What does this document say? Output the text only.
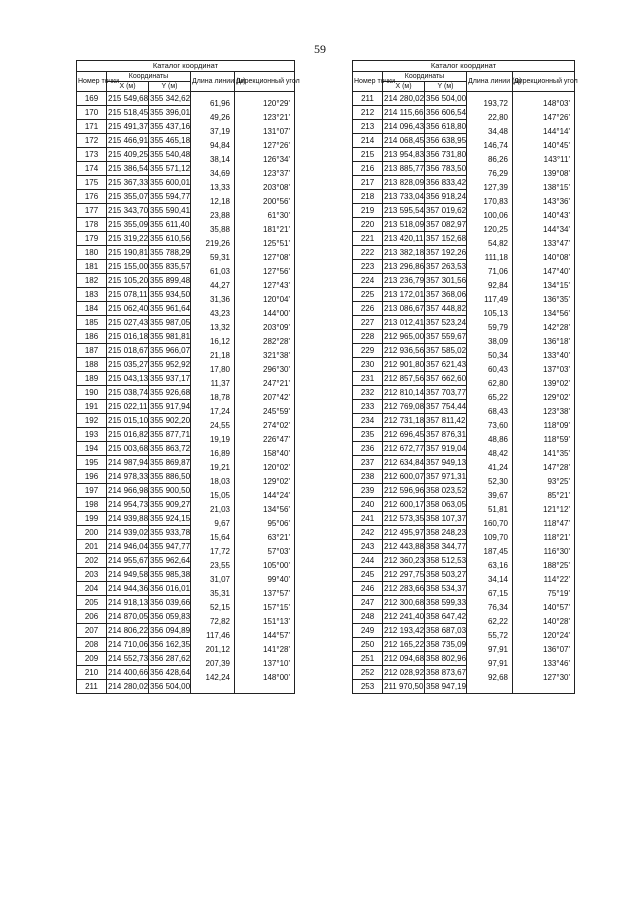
59
Каталог координат				
Номер точки	Координаты		Длина линии (м)	Дирекционный угол
	X (м)	Y (м)		
169	215 549,68	355 342,62	61,96	120°29'
170	215 518,45	355 396,01	49,26	123°21'
171	215 491,37	355 437,16	37,19	131°07'
172	215 466,91	355 465,18	94,84	127°26'
173	215 409,25	355 540,48	38,14	126°34'
174	215 386,54	355 571,12	34,69	123°37'
175	215 367,33	355 600,01	13,33	203°08'
176	215 355,07	355 594,77	12,18	200°56'
177	215 343,70	355 590,41	23,88	61°30'
178	215 355,09	355 611,40	35,88	181°21'
179	215 319,22	355 610,56	219,26	125°51'
180	215 190,81	355 788,29	59,31	127°08'
181	215 155,00	355 835,57	61,03	127°56'
182	215 105,20	355 899,48	44,27	127°43'
183	215 078,11	355 934,50	31,36	120°04'
184	215 062,40	355 961,64	43,23	144°00'
185	215 027,43	355 987,05	13,32	203°09'
186	215 016,18	355 981,81	16,12	282°28'
187	215 018,67	355 966,07	21,18	321°38'
188	215 035,27	355 952,92	17,80	296°30'
189	215 043,13	355 937,17	11,37	247°21'
190	215 038,74	355 926,68	18,78	207°42'
191	215 022,11	355 917,94	17,24	245°59'
192	215 015,10	355 902,20	24,55	274°02'
193	215 016,82	355 877,71	19,19	226°47'
194	215 003,68	355 863,72	16,89	158°40'
195	214 987,94	355 869,87	19,21	120°02'
196	214 978,33	355 886,50	18,03	129°02'
197	214 966,98	355 900,50	15,05	144°24'
198	214 954,73	355 909,27	21,03	134°56'
199	214 939,88	355 924,15	9,67	95°06'
200	214 939,02	355 933,78	15,64	63°21'
201	214 946,04	355 947,77	17,72	57°03'
202	214 955,67	355 962,64	23,55	105°00'
203	214 949,58	355 985,38	31,07	99°40'
204	214 944,36	356 016,01	35,31	137°57'
205	214 918,13	356 039,66	52,15	157°15'
206	214 870,05	356 059,83	72,82	151°13'
207	214 806,22	356 094,89	117,46	144°57'
208	214 710,06	356 162,35	201,12	141°28'
209	214 552,73	356 287,62	207,39	137°10'
210	214 400,66	356 428,64	142,24	148°00'
211	214 280,02	356 504,00		
Каталог координат				
Номер точки	Координаты		Длина линии (м)	Дирекционный угол
	X (м)	Y (м)		
211	214 280,02	356 504,00	193,72	148°03'
212	214 115,66	356 606,54	22,80	147°26'
213	214 096,43	356 618,80	34,48	144°14'
214	214 068,45	356 638,95	146,74	140°45'
215	213 954,83	356 731,80	86,26	143°11'
216	213 885,77	356 783,50	76,29	139°08'
217	213 828,09	356 833,42	127,39	138°15'
218	213 733,04	356 918,24	170,83	143°36'
219	213 595,54	357 019,62	100,06	140°43'
220	213 518,09	357 082,97	120,25	144°34'
221	213 420,11	357 152,68	54,82	133°47'
222	213 382,18	357 192,26	111,18	140°08'
223	213 296,86	357 263,53	71,06	147°40'
224	213 236,79	357 301,56	92,84	134°15'
225	213 172,01	357 368,06	117,49	136°35'
226	213 086,67	357 448,82	105,13	134°56'
227	213 012,41	357 523,24	59,79	142°28'
228	212 965,00	357 559,67	38,09	136°18'
229	212 936,56	357 585,02	50,34	133°40'
230	212 901,80	357 621,43	60,43	137°03'
231	212 857,56	357 662,60	62,80	139°02'
232	212 810,14	357 703,77	65,22	129°02'
233	212 769,08	357 754,44	68,43	123°38'
234	212 731,18	357 811,42	73,60	118°09'
235	212 696,45	357 876,31	48,86	118°59'
236	212 672,77	357 919,04	48,42	141°35'
237	212 634,84	357 949,13	41,24	147°28'
238	212 600,07	357 971,31	52,30	93°25'
239	212 596,96	358 023,52	39,67	85°21'
240	212 600,17	358 063,05	51,81	121°12'
241	212 573,35	358 107,37	160,70	118°47'
242	212 495,97	358 248,23	109,70	118°21'
243	212 443,88	358 344,77	187,45	116°30'
244	212 360,23	358 512,53	63,16	188°25'
245	212 297,75	358 503,27	34,14	114°22'
246	212 283,66	358 534,37	67,15	75°19'
247	212 300,68	358 599,33	76,34	140°57'
248	212 241,40	358 647,42	62,22	140°28'
249	212 193,42	358 687,03	55,72	120°24'
250	212 165,22	358 735,09	97,91	136°07'
251	212 094,68	358 802,96	97,91	133°46'
252	212 028,92	358 873,67	92,68	127°30'
253	211 970,50	358 947,19		
